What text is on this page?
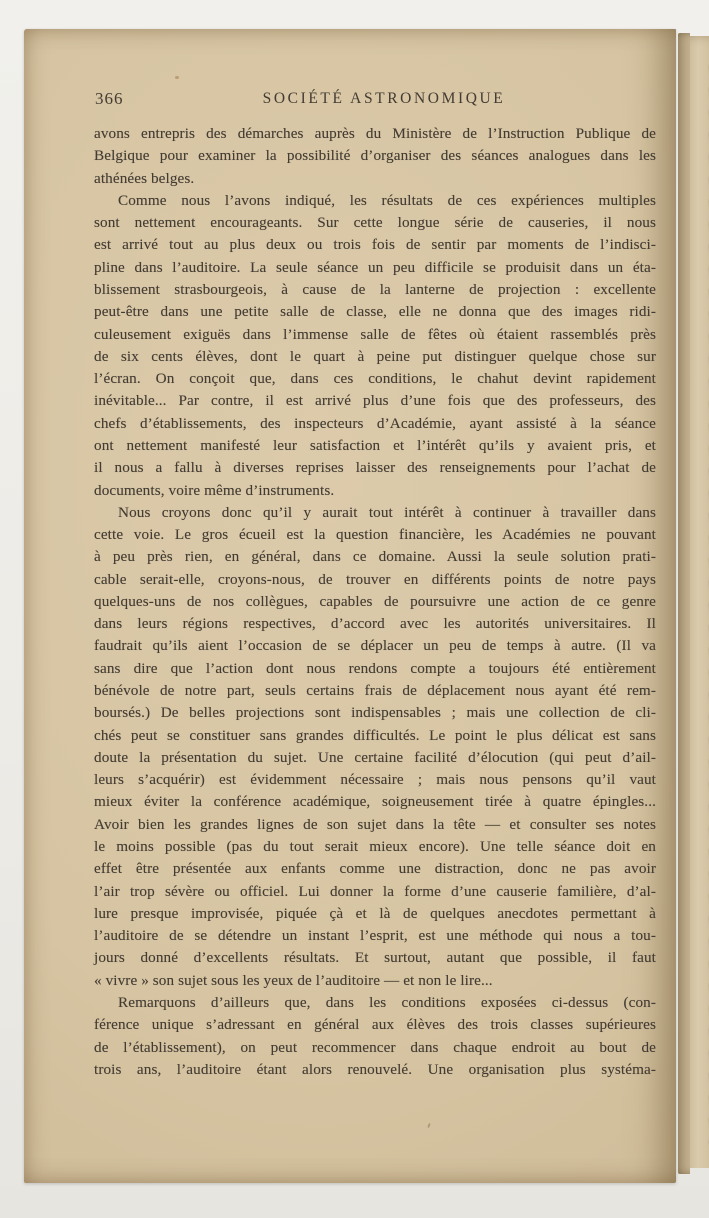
366	SOCIÉTÉ ASTRONOMIQUE

avons entrepris des démarches auprès du Ministère de l’Instruction Publique de
Belgique pour examiner la possibilité d’organiser des séances analogues dans les
athénées belges.

Comme nous l’avons indiqué, les résultats de ces expériences multiples
sont nettement encourageants. Sur cette longue série de causeries, il nous
est arrivé tout au plus deux ou trois fois de sentir par moments de l’indisci-
pline dans l’auditoire. La seule séance un peu difficile se produisit dans un éta-
blissement strasbourgeois, à cause de la lanterne de projection : excellente
peut-être dans une petite salle de classe, elle ne donna que des images ridi-
culeusement exiguës dans l’immense salle de fêtes où étaient rassemblés près
de six cents élèves, dont le quart à peine put distinguer quelque chose sur
l’écran. On conçoit que, dans ces conditions, le chahut devint rapidement
inévitable... Par contre, il est arrivé plus d’une fois que des professeurs, des
chefs d’établissements, des inspecteurs d’Académie, ayant assisté à la séance
ont nettement manifesté leur satisfaction et l’intérêt qu’ils y avaient pris, et
il nous a fallu à diverses reprises laisser des renseignements pour l’achat de
documents, voire même d’instruments.

Nous croyons donc qu’il y aurait tout intérêt à continuer à travailler dans
cette voie. Le gros écueil est la question financière, les Académies ne pouvant
à peu près rien, en général, dans ce domaine. Aussi la seule solution prati-
cable serait-elle, croyons-nous, de trouver en différents points de notre pays
quelques-uns de nos collègues, capables de poursuivre une action de ce genre
dans leurs régions respectives, d’accord avec les autorités universitaires. Il
faudrait qu’ils aient l’occasion de se déplacer un peu de temps à autre. (Il va
sans dire que l’action dont nous rendons compte a toujours été entièrement
bénévole de notre part, seuls certains frais de déplacement nous ayant été rem-
boursés.) De belles projections sont indispensables ; mais une collection de cli-
chés peut se constituer sans grandes difficultés. Le point le plus délicat est sans
doute la présentation du sujet. Une certaine facilité d’élocution (qui peut d’ail-
leurs s’acquérir) est évidemment nécessaire ; mais nous pensons qu’il vaut
mieux éviter la conférence académique, soigneusement tirée à quatre épingles...
Avoir bien les grandes lignes de son sujet dans la tête — et consulter ses notes
le moins possible (pas du tout serait mieux encore). Une telle séance doit en
effet être présentée aux enfants comme une distraction, donc ne pas avoir
l’air trop sévère ou officiel. Lui donner la forme d’une causerie familière, d’al-
lure presque improvisée, piquée çà et là de quelques anecdotes permettant à
l’auditoire de se détendre un instant l’esprit, est une méthode qui nous a tou-
jours donné d’excellents résultats. Et surtout, autant que possible, il faut
« vivre » son sujet sous les yeux de l’auditoire — et non le lire...

Remarquons d’ailleurs que, dans les conditions exposées ci-dessus (con-
férence unique s’adressant en général aux élèves des trois classes supérieures
de l’établissement), on peut recommencer dans chaque endroit au bout de
trois ans, l’auditoire étant alors renouvelé. Une organisation plus systéma-
